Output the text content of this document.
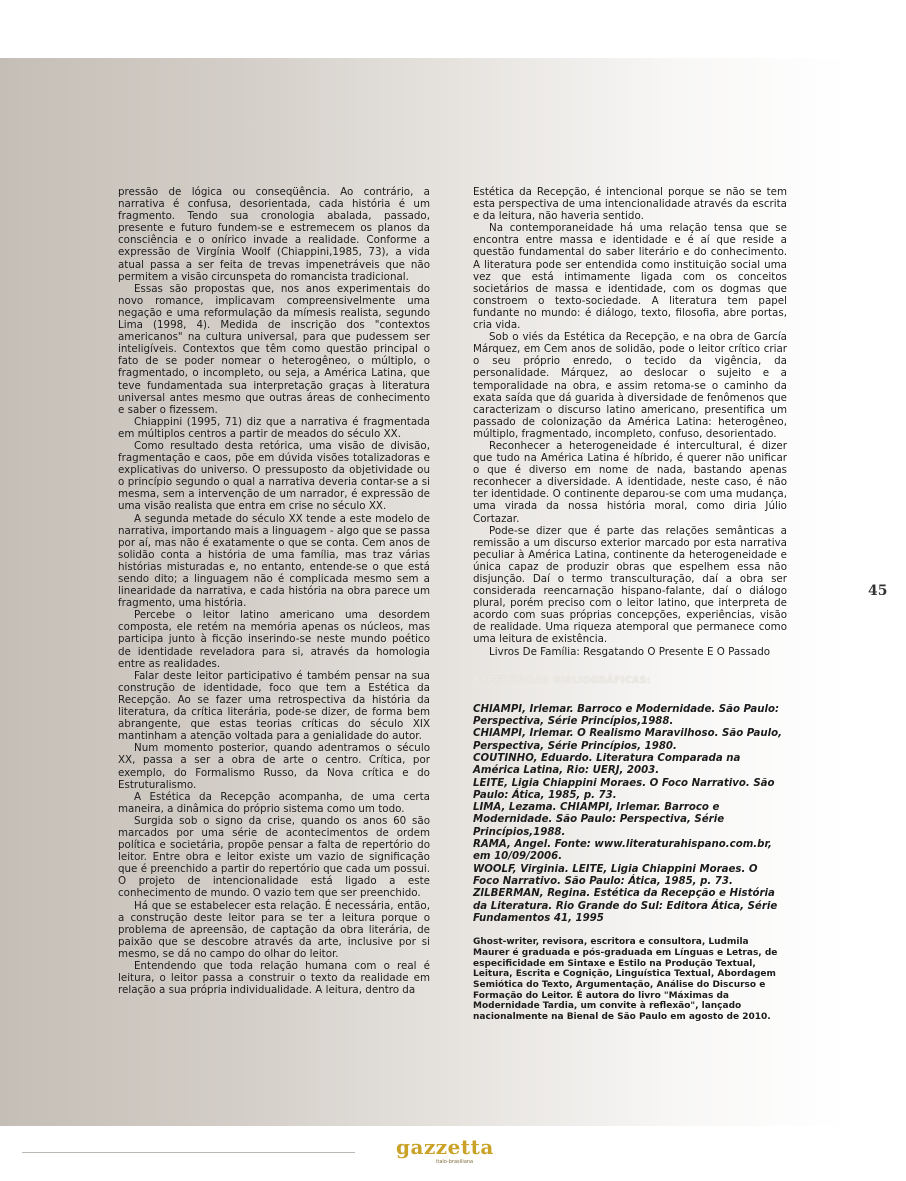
pressão de lógica ou conseqüência. Ao contrário, a narrativa é confusa, desorientada, cada história é um fragmento. Tendo sua cronologia abalada, passado, presente e futuro fundem-se e estremecem os planos da consciência e o onírico invade a realidade. Conforme a expressão de Virgínia Woolf (Chiappini,1985, 73), a vida atual passa a ser feita de trevas impenetráveis que não permitem a visão circunspeta do romancista tradicional.

Essas são propostas que, nos anos experimentais do novo romance, implicavam compreensivelmente uma negação e uma reformulação da mímesis realista, segundo Lima (1998, 4). Medida de inscrição dos "contextos americanos" na cultura universal, para que pudessem ser inteligíveis. Contextos que têm como questão principal o fato de se poder nomear o heterogêneo, o múltiplo, o fragmentado, o incompleto, ou seja, a América Latina, que teve fundamentada sua interpretação graças à literatura universal antes mesmo que outras áreas de conhecimento e saber o fizessem.

Chiappini (1995, 71) diz que a narrativa é fragmentada em múltiplos centros a partir de meados do século XX.

Como resultado desta retórica, uma visão de divisão, fragmentação e caos, põe em dúvida visões totalizadoras e explicativas do universo. O pressuposto da objetividade ou o princípio segundo o qual a narrativa deveria contar-se a si mesma, sem a intervenção de um narrador, é expressão de uma visão realista que entra em crise no século XX.

A segunda metade do século XX tende a este modelo de narrativa, importando mais a linguagem - algo que se passa por aí, mas não é exatamente o que se conta. Cem anos de solidão conta a história de uma família, mas traz várias histórias misturadas e, no entanto, entende-se o que está sendo dito; a linguagem não é complicada mesmo sem a linearidade da narrativa, e cada história na obra parece um fragmento, uma história.

Percebe o leitor latino americano uma desordem composta, ele retém na memória apenas os núcleos, mas participa junto à ficção inserindo-se neste mundo poético de identidade reveladora para si, através da homologia entre as realidades.

Falar deste leitor participativo é também pensar na sua construção de identidade, foco que tem a Estética da Recepção. Ao se fazer uma retrospectiva da história da literatura, da crítica literária, pode-se dizer, de forma bem abrangente, que estas teorias críticas do século XIX mantinham a atenção voltada para a genialidade do autor.

Num momento posterior, quando adentramos o século XX, passa a ser a obra de arte o centro. Crítica, por exemplo, do Formalismo Russo, da Nova crítica e do Estruturalismo.

A Estética da Recepção acompanha, de uma certa maneira, a dinâmica do próprio sistema como um todo.

Surgida sob o signo da crise, quando os anos 60 são marcados por uma série de acontecimentos de ordem política e societária, propõe pensar a falta de repertório do leitor. Entre obra e leitor existe um vazio de significação que é preenchido a partir do repertório que cada um possui. O projeto de intencionalidade está ligado a este conhecimento de mundo. O vazio tem que ser preenchido.

Há que se estabelecer esta relação. É necessária, então, a construção deste leitor para se ter a leitura porque o problema de apreensão, de captação da obra literária, de paixão que se descobre através da arte, inclusive por si mesmo, se dá no campo do olhar do leitor.

Entendendo que toda relação humana com o real é leitura, o leitor passa a construir o texto da realidade em relação a sua própria individualidade. A leitura, dentro da

Estética da Recepção, é intencional porque se não se tem esta perspectiva de uma intencionalidade através da escrita e da leitura, não haveria sentido.

Na contemporaneidade há uma relação tensa que se encontra entre massa e identidade e é aí que reside a questão fundamental do saber literário e do conhecimento. A literatura pode ser entendida como instituição social uma vez que está intimamente ligada com os conceitos societários de massa e identidade, com os dogmas que constroem o texto-sociedade. A literatura tem papel fundante no mundo: é diálogo, texto, filosofia, abre portas, cria vida.

Sob o viés da Estética da Recepção, e na obra de García Márquez, em Cem anos de solidão, pode o leitor crítico criar o seu próprio enredo, o tecido da vigência, da personalidade. Márquez, ao deslocar o sujeito e a temporalidade na obra, e assim retoma-se o caminho da exata saída que dá guarida à diversidade de fenômenos que caracterizam o discurso latino americano, presentifica um passado de colonização da América Latina: heterogêneo, múltiplo, fragmentado, incompleto, confuso, desorientado.

Reconhecer a heterogeneidade é intercultural, é dizer que tudo na América Latina é híbrido, é querer não unificar o que é diverso em nome de nada, bastando apenas reconhecer a diversidade. A identidade, neste caso, é não ter identidade. O continente deparou-se com uma mudança, uma virada da nossa história moral, como diria Júlio Cortazar.

Pode-se dizer que é parte das relações semânticas a remissão a um discurso exterior marcado por esta narrativa peculiar à América Latina, continente da heterogeneidade e única capaz de produzir obras que espelhem essa não disjunção. Daí o termo transculturação, daí a obra ser considerada reencarnação hispano-falante, daí o diálogo plural, porém preciso com o leitor latino, que interpreta de acordo com suas próprias concepções, experiências, visão de realidade. Uma riqueza atemporal que permanece como uma leitura de existência.

Livros De Família: Resgatando O Presente E O Passado

REFERÊNCIAS BIBLIOGRÁFICAS:

CHIAMPI, Irlemar. Barroco e Modernidade. São Paulo: Perspectiva, Série Princípios,1988.

CHIAMPI, Irlemar. O Realismo Maravilhoso. São Paulo, Perspectiva, Série Princípios, 1980.

COUTINHO, Eduardo. Literatura Comparada na América Latina, Rio: UERJ, 2003.

LEITE, Ligia Chiappini Moraes. O Foco Narrativo. São Paulo: Ática, 1985, p. 73.

LIMA, Lezama. CHIAMPI, Irlemar. Barroco e Modernidade. São Paulo: Perspectiva, Série Princípios,1988.

RAMA, Angel. Fonte: www.literaturahispano.com.br, em 10/09/2006.

WOOLF, Virginia. LEITE, Ligia Chiappini Moraes. O Foco Narrativo. São Paulo: Ática, 1985, p. 73.

ZILBERMAN, Regina. Estética da Recepção e História da Literatura. Rio Grande do Sul: Editora Ática, Série Fundamentos 41, 1995

Ghost-writer, revisora, escritora e consultora, Ludmila Maurer é graduada e pós-graduada em Línguas e Letras, de especificidade em Sintaxe e Estilo na Produção Textual, Leitura, Escrita e Cognição, Linguística Textual, Abordagem Semiótica do Texto, Argumentação, Análise do Discurso e Formação do Leitor. É autora do livro "Máximas da Modernidade Tardia, um convite à reflexão", lançado nacionalmente na Bienal de São Paulo em agosto de 2010.
45
gazzetta
italo-brasiliana
